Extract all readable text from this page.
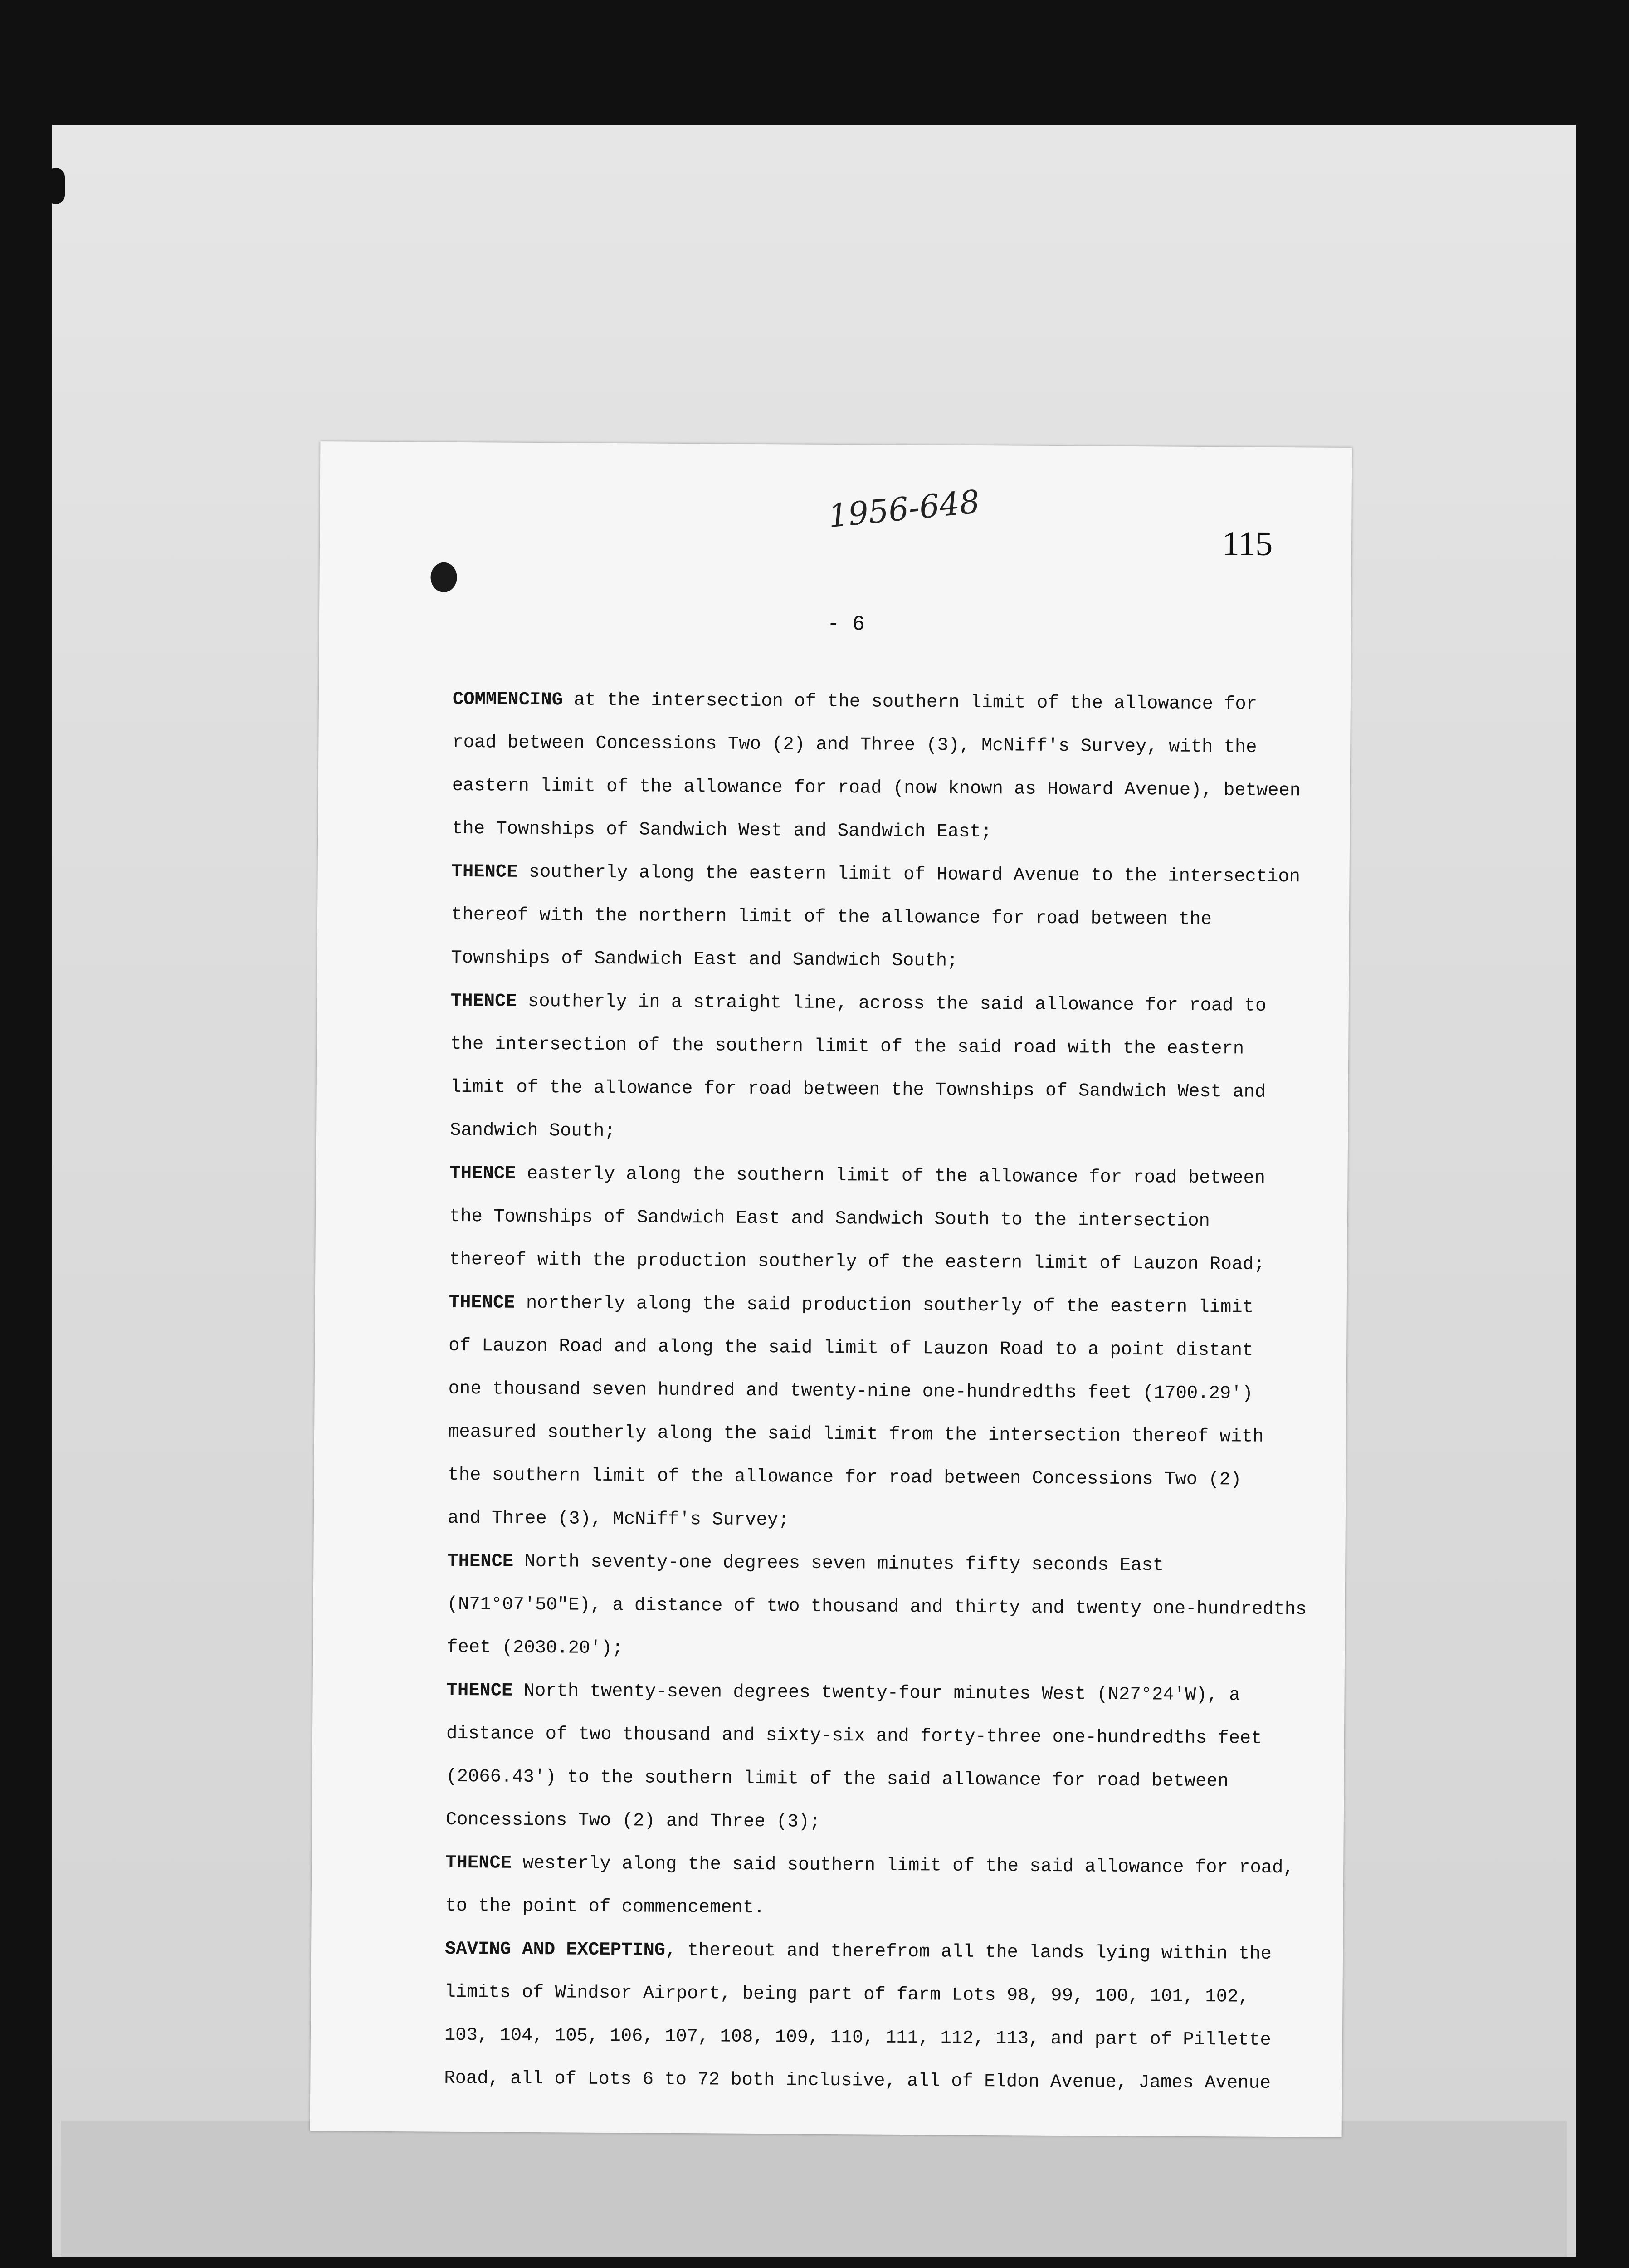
1956-648
115
- 6
COMMENCING at the intersection of the southern limit of the allowance for
road between Concessions Two (2) and Three (3), McNiff's Survey, with the
eastern limit of the allowance for road (now known as Howard Avenue), between
the Townships of Sandwich West and Sandwich East;
THENCE southerly along the eastern limit of Howard Avenue to the intersection
thereof with the northern limit of the allowance for road between the
Townships of Sandwich East and Sandwich South;
THENCE southerly in a straight line, across the said allowance for road to
the intersection of the southern limit of the said road with the eastern
limit of the allowance for road between the Townships of Sandwich West and
Sandwich South;
THENCE easterly along the southern limit of the allowance for road between
the Townships of Sandwich East and Sandwich South to the intersection
thereof with the production southerly of the eastern limit of Lauzon Road;
THENCE northerly along the said production southerly of the eastern limit
of Lauzon Road and along the said limit of Lauzon Road to a point distant
one thousand seven hundred and twenty-nine one-hundredths feet (1700.29')
measured southerly along the said limit from the intersection thereof with
the southern limit of the allowance for road between Concessions Two (2)
and Three (3), McNiff's Survey;
THENCE North seventy-one degrees seven minutes fifty seconds East
(N71°07'50"E), a distance of two thousand and thirty and twenty one-hundredths
feet (2030.20');
THENCE North twenty-seven degrees twenty-four minutes West (N27°24'W), a
distance of two thousand and sixty-six and forty-three one-hundredths feet
(2066.43') to the southern limit of the said allowance for road between
Concessions Two (2) and Three (3);
THENCE westerly along the said southern limit of the said allowance for road,
to the point of commencement.
SAVING AND EXCEPTING, thereout and therefrom all the lands lying within the
limits of Windsor Airport, being part of farm Lots 98, 99, 100, 101, 102,
103, 104, 105, 106, 107, 108, 109, 110, 111, 112, 113, and part of Pillette
Road, all of Lots 6 to 72 both inclusive, all of Eldon Avenue, James Avenue
